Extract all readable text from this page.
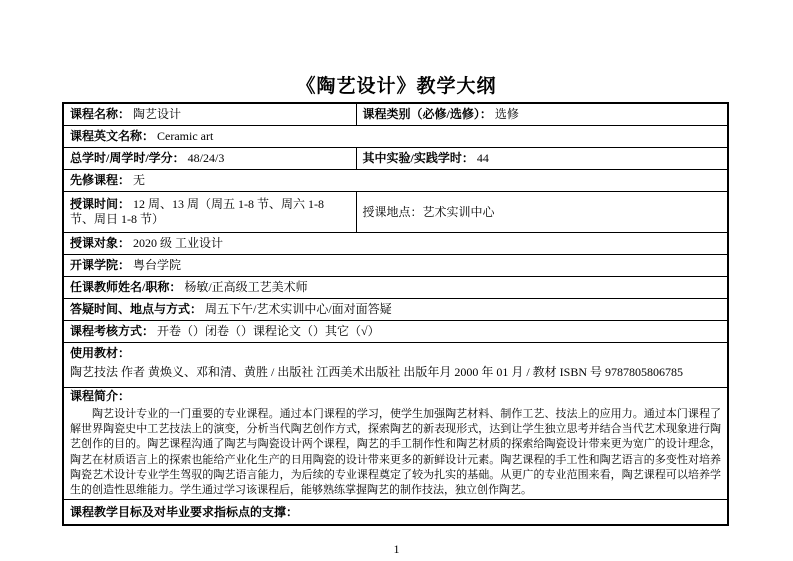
《陶艺设计》教学大纲
课程名称： 陶艺设计	课程类别（必修/选修）： 选修
课程英文名称： Ceramic art	
总学时/周学时/学分： 48/24/3	其中实验/实践学时： 44
先修课程： 无	
授课时间： 12 周、13 周（周五 1-8 节、周六 1-8 节、周日 1-8 节）	授课地点：艺术实训中心
授课对象： 2020 级 工业设计	
开课学院： 粤台学院	
任课教师姓名/职称： 杨敏/正高级工艺美术师	
答疑时间、地点与方式： 周五下午/艺术实训中心/面对面答疑	
课程考核方式： 开卷（）闭卷（）课程论文（）其它（√）	
使用教材：
陶艺技法 作者 黄焕义、邓和清、黄胜 / 出版社 江西美术出版社 出版年月 2000 年 01 月 / 教材 ISBN 号 9787805806785	

课程简介：

陶艺设计专业的一门重要的专业课程。通过本门课程的学习，使学生加强陶艺材料、制作工艺、技法上的应用力。通过本门课程了解世界陶瓷史中工艺技法上的演变，分析当代陶艺创作方式，探索陶艺的新表现形式，达到让学生独立思考并结合当代艺术现象进行陶艺创作的目的。陶艺课程沟通了陶艺与陶瓷设计两个课程，陶艺的手工制作性和陶艺材质的探索给陶瓷设计带来更为宽广的设计理念，陶艺在材质语言上的探索也能给产业化生产的日用陶瓷的设计带来更多的新鲜设计元素。陶艺课程的手工性和陶艺语言的多变性对培养陶瓷艺术设计专业学生驾驭的陶艺语言能力，为后续的专业课程奠定了较为扎实的基础。从更广的专业范围来看，陶艺课程可以培养学生的创造性思维能力。学生通过学习该课程后，能够熟练掌握陶艺的制作技法，独立创作陶艺。	

课程教学目标及对毕业要求指标点的支撑：	
1
